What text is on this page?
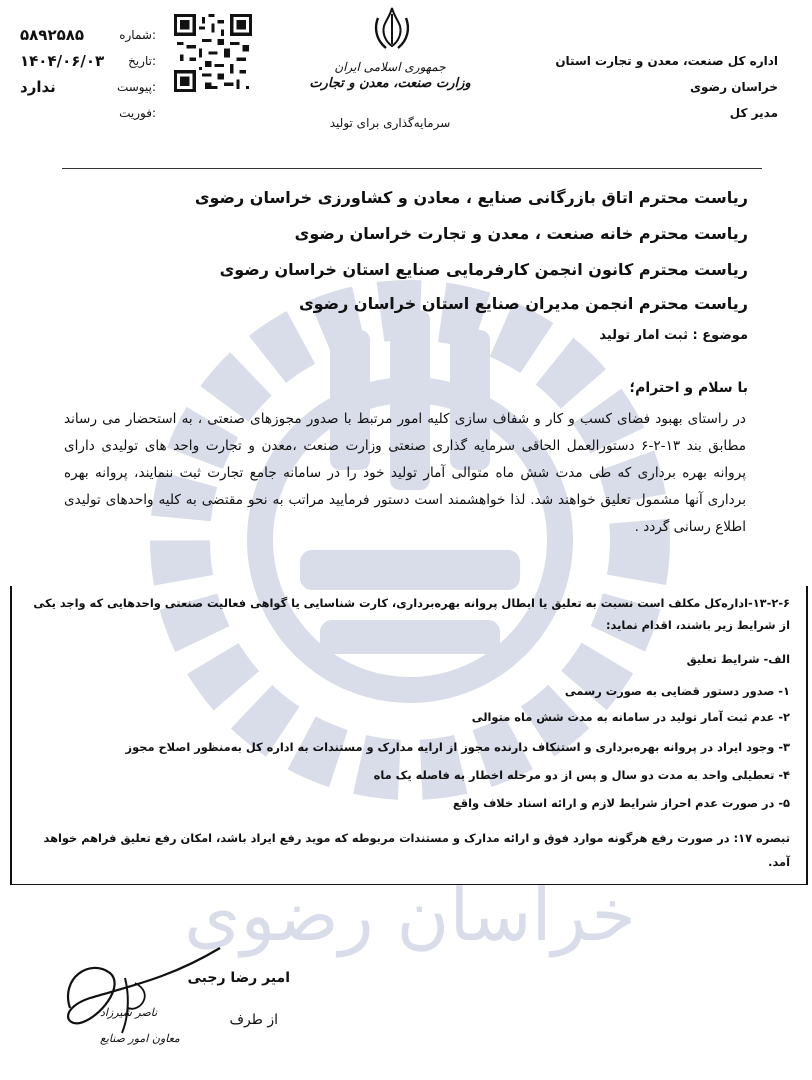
خراسان رضوی
اداره کل صنعت، معدن و تجارت استان خراسان رضوی
مدیر کل
جمهوری اسلامی ایران
وزارت صنعت، معدن و تجارت
سرمایه‌گذاری برای تولید
شماره:
۵۸۹۲۵۸۵
تاریخ:
۱۴۰۴/۰۶/۰۳
پیوست:
ندارد
فوریت:
ریاست محترم اتاق بازرگانی صنایع ، معادن و کشاورزی خراسان رضوی
ریاست محترم خانه صنعت ، معدن و تجارت خراسان رضوی
ریاست محترم کانون انجمن کارفرمایی صنایع استان خراسان رضوی
ریاست محترم انجمن مدیران صنایع استان خراسان رضوی
موضوع : ثبت امار تولید
با سلام و احترام؛
در راستای بهبود فضای کسب و کار و شفاف سازی کلیه امور مرتبط با صدور مجوزهای صنعتی ، به استحضار می رساند مطابق بند ۱۳-۲-۶ دستورالعمل الحاقی سرمایه گذاری صنعتی وزارت صنعت ،معدن و تجارت واحد های تولیدی دارای پروانه بهره برداری که طی مدت شش ماه متوالی آمار تولید خود را در سامانه جامع تجارت ثبت ننمایند، پروانه بهره برداری آنها مشمول تعلیق خواهند شد. لذا خواهشمند است دستور فرمایید مراتب به نحو مقتضی به کلیه واحدهای تولیدی اطلاع رسانی گردد .
۱۳-۲-۶-اداره‌کل مکلف است نسبت به تعلیق یا ابطال پروانه بهره‌برداری، کارت شناسایی یا گواهی فعالیت صنعتی واحدهایی که واجد یکی از شرایط زیر باشند، اقدام نماید:
الف- شرایط تعلیق
۱- صدور دستور قضایی به صورت رسمی
۲- عدم ثبت آمار تولید در سامانه به مدت شش ماه متوالی
۳- وجود ایراد در پروانه بهره‌برداری و استنکاف دارنده مجوز از ارایه مدارک و مستندات به اداره کل به‌منظور اصلاح مجوز
۴- تعطیلی واحد به مدت دو سال و پس از دو مرحله اخطار به فاصله یک ماه
۵- در صورت عدم احراز شرایط لازم و ارائه اسناد خلاف واقع
تبصره ۱۷: در صورت رفع هرگونه موارد فوق و ارائه مدارک و مستندات مربوطه که موید رفع ایراد باشد، امکان رفع تعلیق فراهم خواهد آمد.
ناصر شیرزاد
معاون امور صنایع
امیر رضا رجبی
از طرف
